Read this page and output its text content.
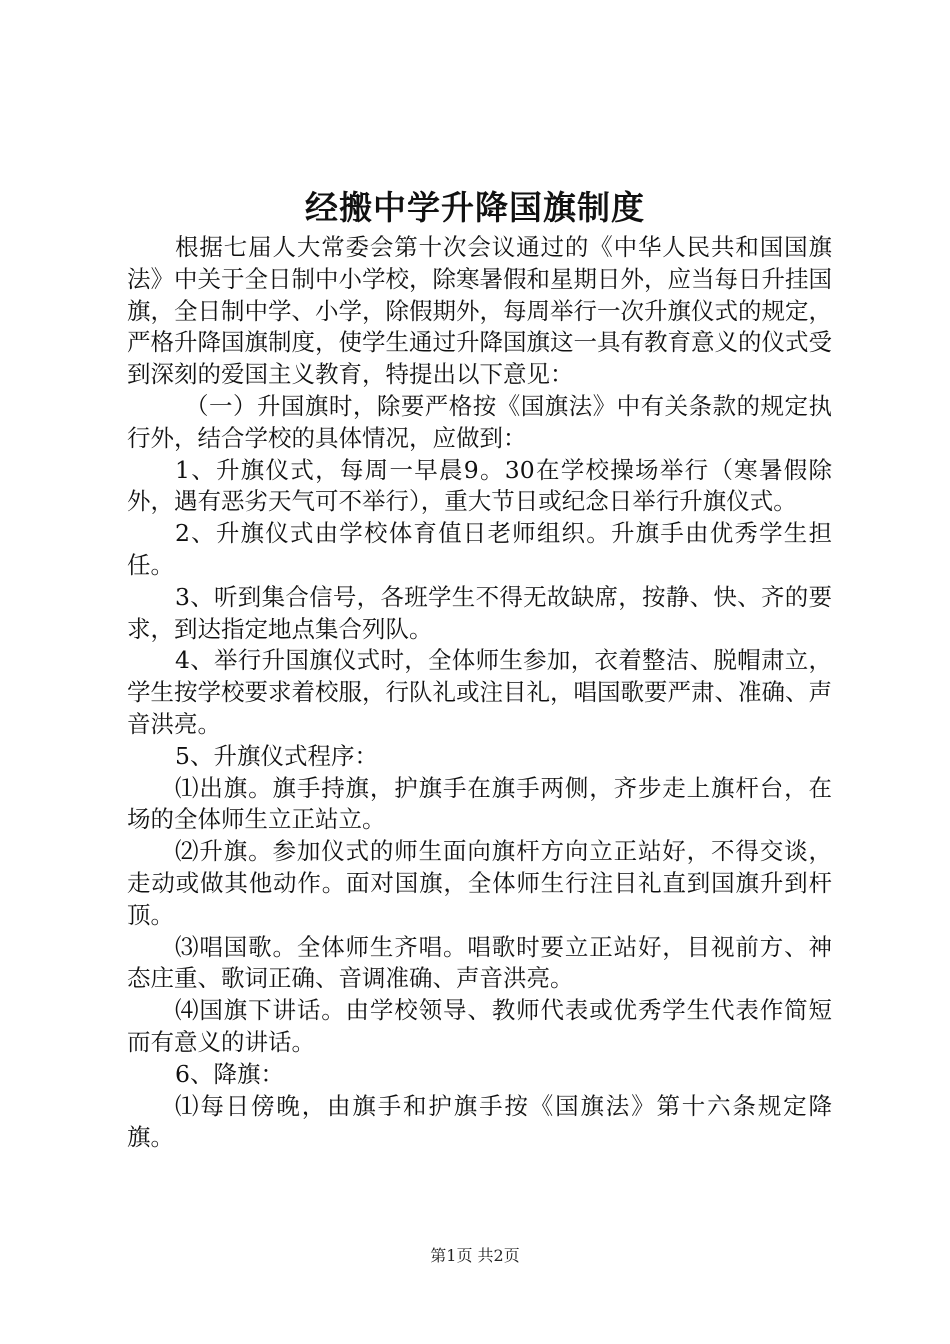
经搬中学升降国旗制度

根据七届人大常委会第十次会议通过的《中华人民共和国国旗法》中关于全日制中小学校，除寒暑假和星期日外，应当每日升挂国旗，全日制中学、小学，除假期外，每周举行一次升旗仪式的规定，严格升降国旗制度，使学生通过升降国旗这一具有教育意义的仪式受到深刻的爱国主义教育，特提出以下意见：

（一）升国旗时，除要严格按《国旗法》中有关条款的规定执行外，结合学校的具体情况，应做到：

1、升旗仪式，每周一早晨9。30在学校操场举行（寒暑假除外，遇有恶劣天气可不举行），重大节日或纪念日举行升旗仪式。

2、升旗仪式由学校体育值日老师组织。升旗手由优秀学生担任。

3、听到集合信号，各班学生不得无故缺席，按静、快、齐的要求，到达指定地点集合列队。

4、举行升国旗仪式时，全体师生参加，衣着整洁、脱帽肃立，学生按学校要求着校服，行队礼或注目礼，唱国歌要严肃、准确、声音洪亮。

5、升旗仪式程序：

⑴出旗。旗手持旗，护旗手在旗手两侧，齐步走上旗杆台，在场的全体师生立正站立。

⑵升旗。参加仪式的师生面向旗杆方向立正站好，不得交谈，走动或做其他动作。面对国旗，全体师生行注目礼直到国旗升到杆顶。

⑶唱国歌。全体师生齐唱。唱歌时要立正站好，目视前方、神态庄重、歌词正确、音调准确、声音洪亮。

⑷国旗下讲话。由学校领导、教师代表或优秀学生代表作简短而有意义的讲话。

6、降旗：

⑴每日傍晚，由旗手和护旗手按《国旗法》第十六条规定降旗。

第1页 共2页
